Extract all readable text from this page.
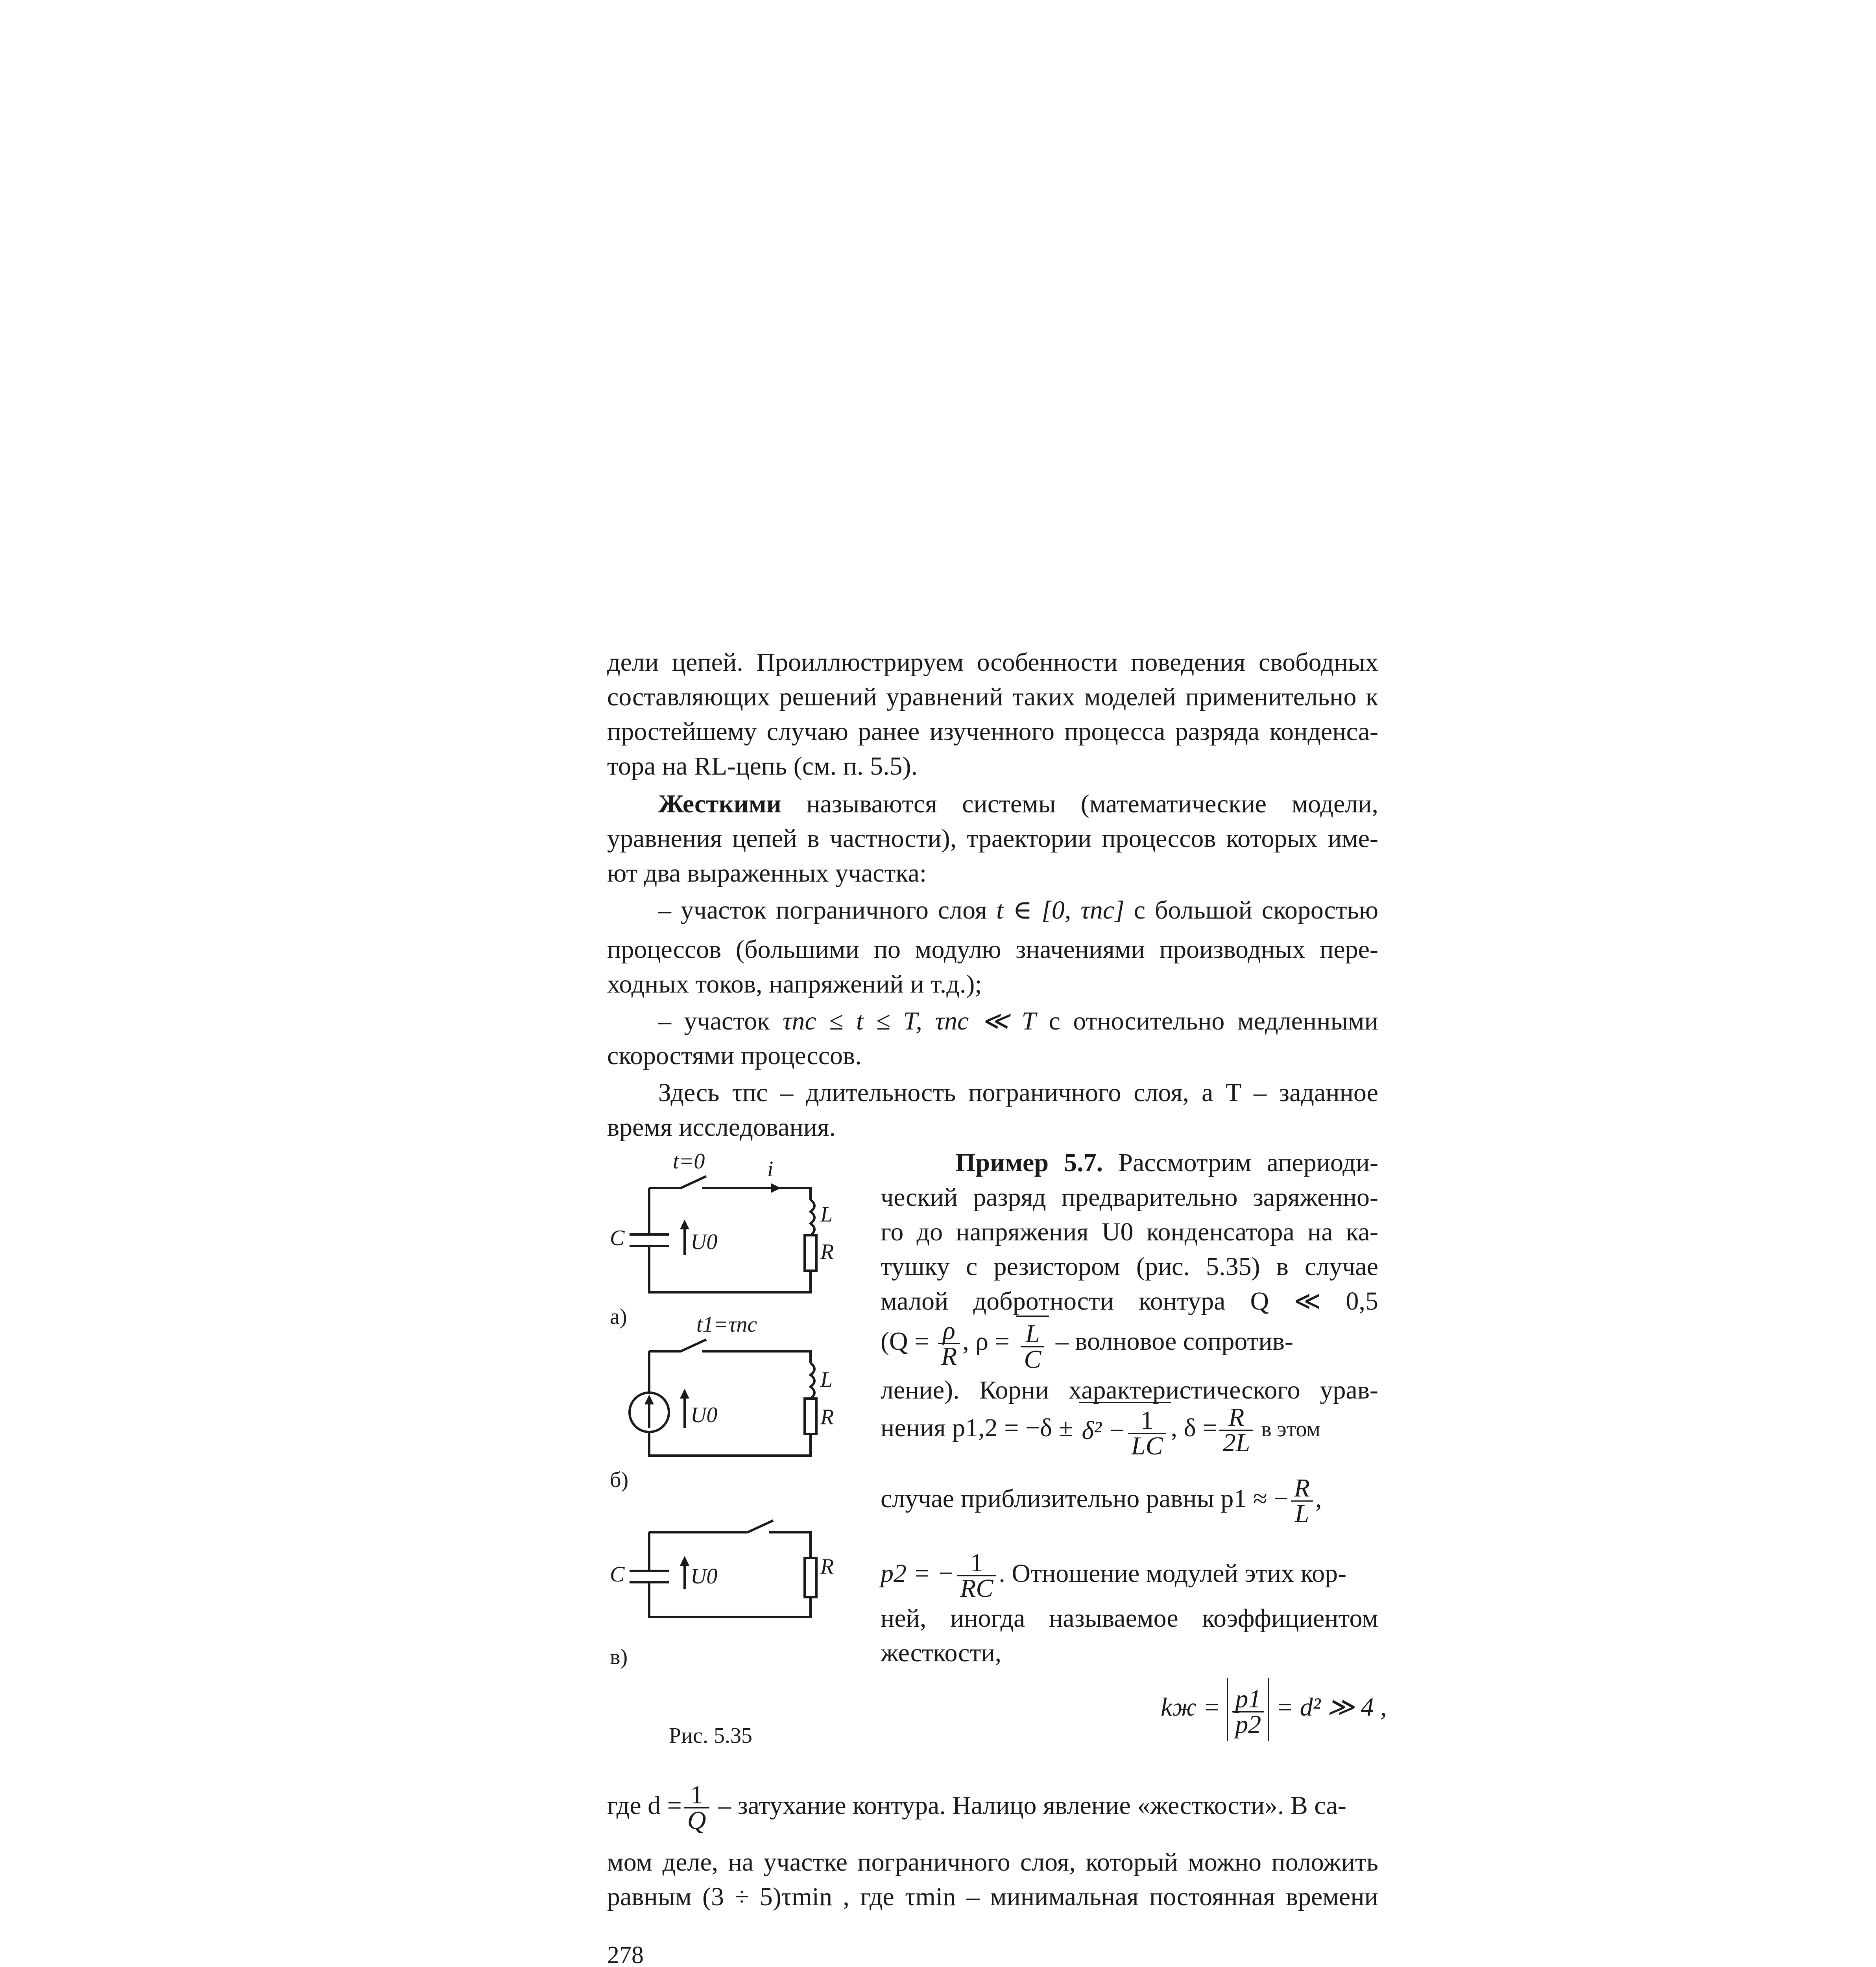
дели цепей. Проиллюстрируем особенности поведения свободных
составляющих решений уравнений таких моделей применительно к
простейшему случаю ранее изученного процесса разряда конденса-
тора на RL-цепь (см. п. 5.5).
Жесткими называются системы (математические модели,
уравнения цепей в частности), траектории процессов которых име-
ют два выраженных участка:
– участок пограничного слоя t ∈ [0, τпс] с большой скоростью
процессов (большими по модулю значениями производных пере-
ходных токов, напряжений и т.д.);
– участок τпс ≤ t ≤ T, τпс ≪ T с относительно медленными
скоростями процессов.
Здесь τпс – длительность пограничного слоя, а T – заданное
время исследования.
Пример 5.7. Рассмотрим апериоди-
ческий разряд предварительно заряженно-
го до напряжения U0 конденсатора на ка-
тушку с резистором (рис. 5.35) в случае
малой добротности контура Q ≪ 0,5
($Q = \frac{\rho}{R}$ , $\rho = \frac{L}{C}$ – волновое сопротив-
ление). Корни характеристического урав-
нения $p1,2 = -\delta \pm \delta^2 - \frac{1}{LC}$ , $\delta = \frac{R}{2L}$ в этом
случае приблизительно равны p1 ≈ − $\frac{R}{L}$ ,
p2 = − $\frac{1}{RC}$ . Отношение модулей этих кор-
ней, иногда называемое коэффициентом
жесткости,
kж = $\frac{p1}{p2} = d^2$ ≫ 4 ,
t=0	i
C	U0
L
R
а)	t1=τпс
U0
L
R
б)
C	U0	R
в)
Рис. 5.35
где $d = \frac{1}{Q}$ – затухание контура. Налицо явление «жесткости». В са-
мом деле, на участке пограничного слоя, который можно положить
равным (3 ÷ 5)τmin , где τmin – минимальная постоянная времени
278
